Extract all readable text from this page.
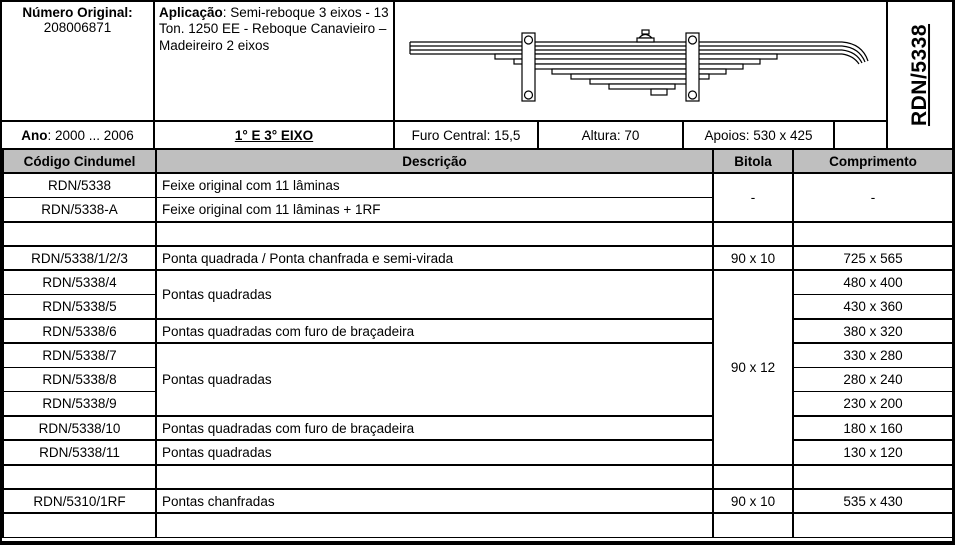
Número Original:
208006871
Aplicação: Semi-reboque 3 eixos - 13 Ton. 1250 EE - Reboque Canavieiro – Madeireiro 2 eixos	RDN/5338
Ano : 2000 ... 2006	1° E 3° EIXO	Furo Central: 15,5	Altura: 70	Apoios: 530 x 425
Código Cindumel	Descrição	Bitola	Comprimento
RDN/5338	Feixe original com 11 lâminas	-	-
RDN/5338-A	Feixe original com 11 lâminas + 1RF		

RDN/5338/1/2/3	Ponta quadrada / Ponta chanfrada e semi-virada	90 x 10	725 x 565
RDN/5338/4	Pontas quadradas	90 x 12	480 x 400
RDN/5338/5			430 x 360
RDN/5338/6	Pontas quadradas com furo de braçadeira		380 x 320
RDN/5338/7	Pontas quadradas		330 x 280
RDN/5338/8			280 x 240
RDN/5338/9			230 x 200
RDN/5338/10	Pontas quadradas com furo de braçadeira		180 x 160
RDN/5338/11	Pontas quadradas		130 x 120

RDN/5310/1RF	Pontas chanfradas	90 x 10	535 x 430
